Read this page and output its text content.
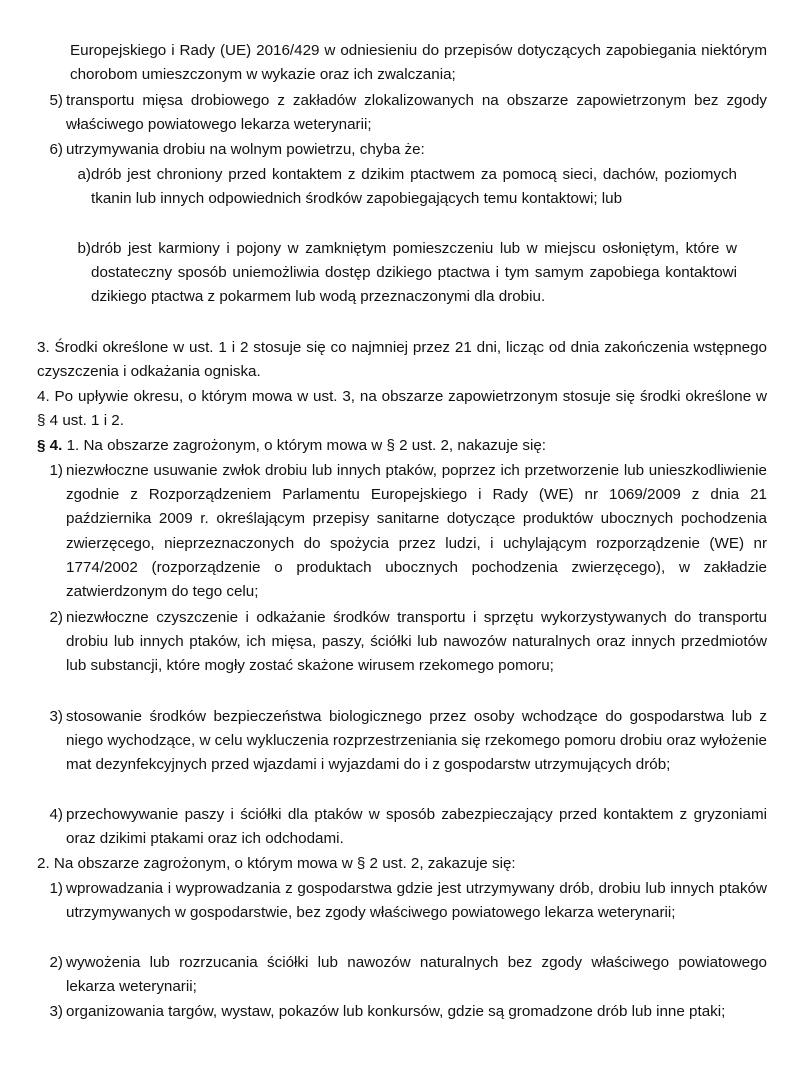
Europejskiego i Rady (UE) 2016/429 w odniesieniu do przepisów dotyczących zapobiegania niektórym chorobom umieszczonym w wykazie oraz ich zwalczania;

5) transportu mięsa drobiowego z zakładów zlokalizowanych na obszarze zapowietrzonym bez zgody właściwego powiatowego lekarza weterynarii;

6) utrzymywania drobiu na wolnym powietrzu, chyba że:

a) drób jest chroniony przed kontaktem z dzikim ptactwem za pomocą sieci, dachów, poziomych tkanin lub innych odpowiednich środków zapobiegających temu kontaktowi; lub

b) drób jest karmiony i pojony w zamkniętym pomieszczeniu lub w miejscu osłoniętym, które w dostateczny sposób uniemożliwia dostęp dzikiego ptactwa i tym samym zapobiega kontaktowi dzikiego ptactwa z pokarmem lub wodą przeznaczonymi dla drobiu.

3. Środki określone w ust. 1 i 2 stosuje się co najmniej przez 21 dni, licząc od dnia zakończenia wstępnego czyszczenia i odkażania ogniska.

4. Po upływie okresu, o którym mowa w ust. 3, na obszarze zapowietrzonym stosuje się środki określone w § 4 ust. 1 i 2.

§ 4. 1. Na obszarze zagrożonym, o którym mowa w § 2 ust. 2, nakazuje się:

1) niezwłoczne usuwanie zwłok drobiu lub innych ptaków, poprzez ich przetworzenie lub unieszkodliwienie zgodnie z Rozporządzeniem Parlamentu Europejskiego i Rady (WE) nr 1069/2009 z dnia 21 października 2009 r. określającym przepisy sanitarne dotyczące produktów ubocznych pochodzenia zwierzęcego, nieprzeznaczonych do spożycia przez ludzi, i uchylającym rozporządzenie (WE) nr 1774/2002 (rozporządzenie o produktach ubocznych pochodzenia zwierzęcego), w zakładzie zatwierdzonym do tego celu;

2) niezwłoczne czyszczenie i odkażanie środków transportu i sprzętu wykorzystywanych do transportu drobiu lub innych ptaków, ich mięsa, paszy, ściółki lub nawozów naturalnych oraz innych przedmiotów lub substancji, które mogły zostać skażone wirusem rzekomego pomoru;

3) stosowanie środków bezpieczeństwa biologicznego przez osoby wchodzące do gospodarstwa lub z niego wychodzące, w celu wykluczenia rozprzestrzeniania się rzekomego pomoru drobiu oraz wyłożenie mat dezynfekcyjnych przed wjazdami i wyjazdami do i z gospodarstw utrzymujących drób;

4) przechowywanie paszy i ściółki dla ptaków w sposób zabezpieczający przed kontaktem z gryzoniami oraz dzikimi ptakami oraz ich odchodami.

2. Na obszarze zagrożonym, o którym mowa w § 2 ust. 2, zakazuje się:

1) wprowadzania i wyprowadzania z gospodarstwa gdzie jest utrzymywany drób, drobiu lub innych ptaków utrzymywanych w gospodarstwie, bez zgody właściwego powiatowego lekarza weterynarii;

2) wywożenia lub rozrzucania ściółki lub nawozów naturalnych bez zgody właściwego powiatowego lekarza weterynarii;

3) organizowania targów, wystaw, pokazów lub konkursów, gdzie są gromadzone drób lub inne ptaki;
